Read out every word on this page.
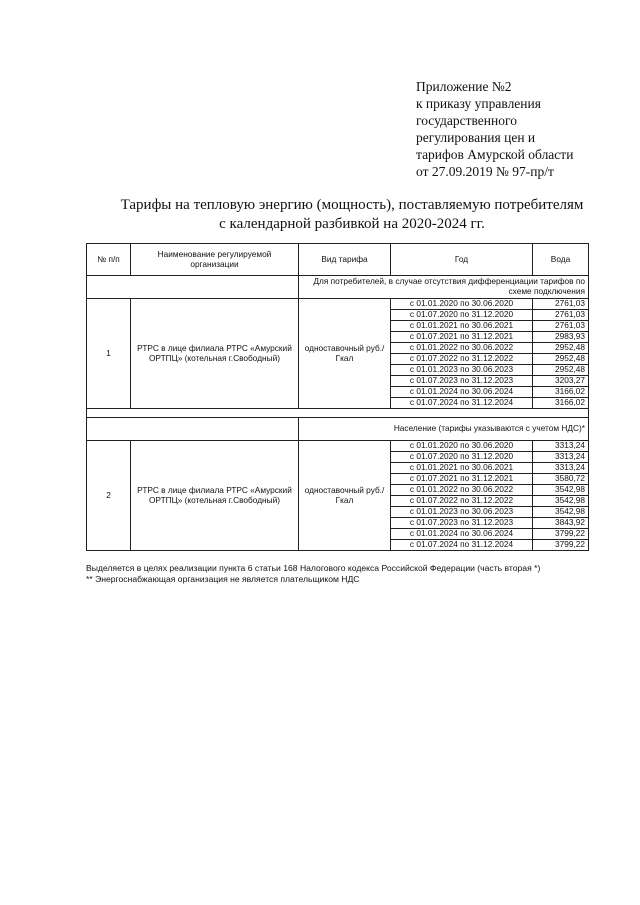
Приложение №2
к приказу управления
государственного
регулирования цен и
тарифов Амурской области
от 27.09.2019 № 97-пр/т
Тарифы на тепловую энергию (мощность), поставляемую потребителям
с календарной разбивкой на 2020-2024 гг.
№ п/п	Наименование регулируемой организации	Вид тарифа	Год	Вода
		Для потребителей, в случае отсутствия дифференциации тарифов по схеме подключения		
1	РТРС в лице филиала РТРС «Амурский ОРТПЦ» (котельная г.Свободный)	одноставочный руб./Гкал	с 01.01.2020 по 30.06.2020	2761,03
			с 01.07.2020 по 31.12.2020	2761,03
			с 01.01.2021 по 30.06.2021	2761,03
			с 01.07.2021 по 31.12.2021	2983,93
			с 01.01.2022 по 30.06.2022	2952,48
			с 01.07.2022 по 31.12.2022	2952,48
			с 01.01.2023 по 30.06.2023	2952,48
			с 01.07.2023 по 31.12.2023	3203,27
			с 01.01.2024 по 30.06.2024	3166,02
			с 01.07.2024 по 31.12.2024	3166,02

		Население (тарифы указываются с учетом НДС)*		
2	РТРС в лице филиала РТРС «Амурский ОРТПЦ» (котельная г.Свободный)	одноставочный руб./Гкал	с 01.01.2020 по 30.06.2020	3313,24
			с 01.07.2020 по 31.12.2020	3313,24
			с 01.01.2021 по 30.06.2021	3313,24
			с 01.07.2021 по 31.12.2021	3580,72
			с 01.01.2022 по 30.06.2022	3542,98
			с 01.07.2022 по 31.12.2022	3542,98
			с 01.01.2023 по 30.06.2023	3542,98
			с 01.07.2023 по 31.12.2023	3843,92
			с 01.01.2024 по 30.06.2024	3799,22
			с 01.07.2024 по 31.12.2024	3799,22
Выделяется в целях реализации пункта 6 статьи 168 Налогового кодекса Российской Федерации (часть вторая *)
** Энергоснабжающая организация не является плательщиком НДС
